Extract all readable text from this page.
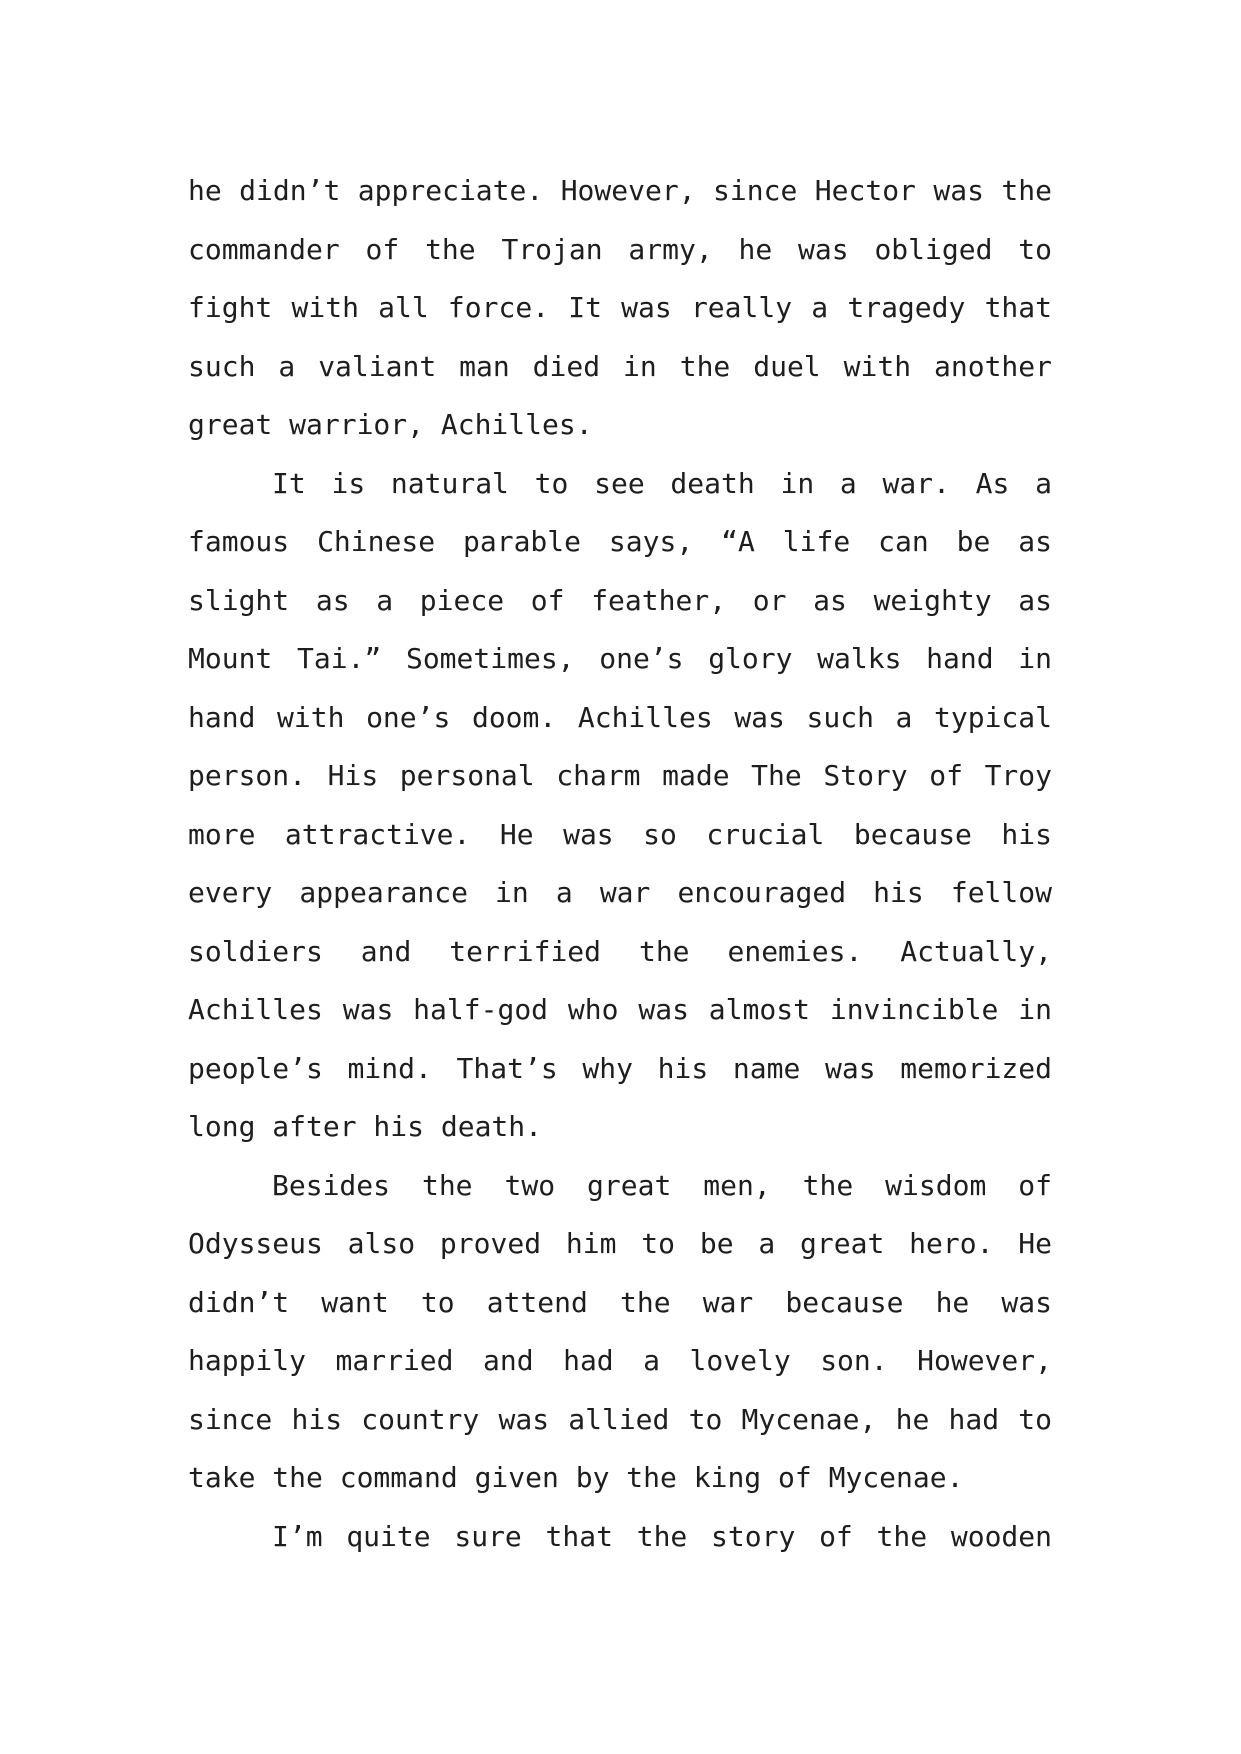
he didn’t appreciate. However, since Hector was the
commander of the Trojan army, he was obliged to
fight with all force. It was really a tragedy that
such a valiant man died in the duel with another
great warrior, Achilles.
It is natural to see death in a war. As a
famous Chinese parable says, “A life can be as
slight as a piece of feather, or as weighty as
Mount Tai.” Sometimes, one’s glory walks hand in
hand with one’s doom. Achilles was such a typical
person. His personal charm made The Story of Troy
more attractive. He was so crucial because his
every appearance in a war encouraged his fellow
soldiers and terrified the enemies. Actually,
Achilles was half-god who was almost invincible in
people’s mind. That’s why his name was memorized
long after his death.
Besides the two great men, the wisdom of
Odysseus also proved him to be a great hero. He
didn’t want to attend the war because he was
happily married and had a lovely son. However,
since his country was allied to Mycenae, he had to
take the command given by the king of Mycenae.
I’m quite sure that the story of the wooden
